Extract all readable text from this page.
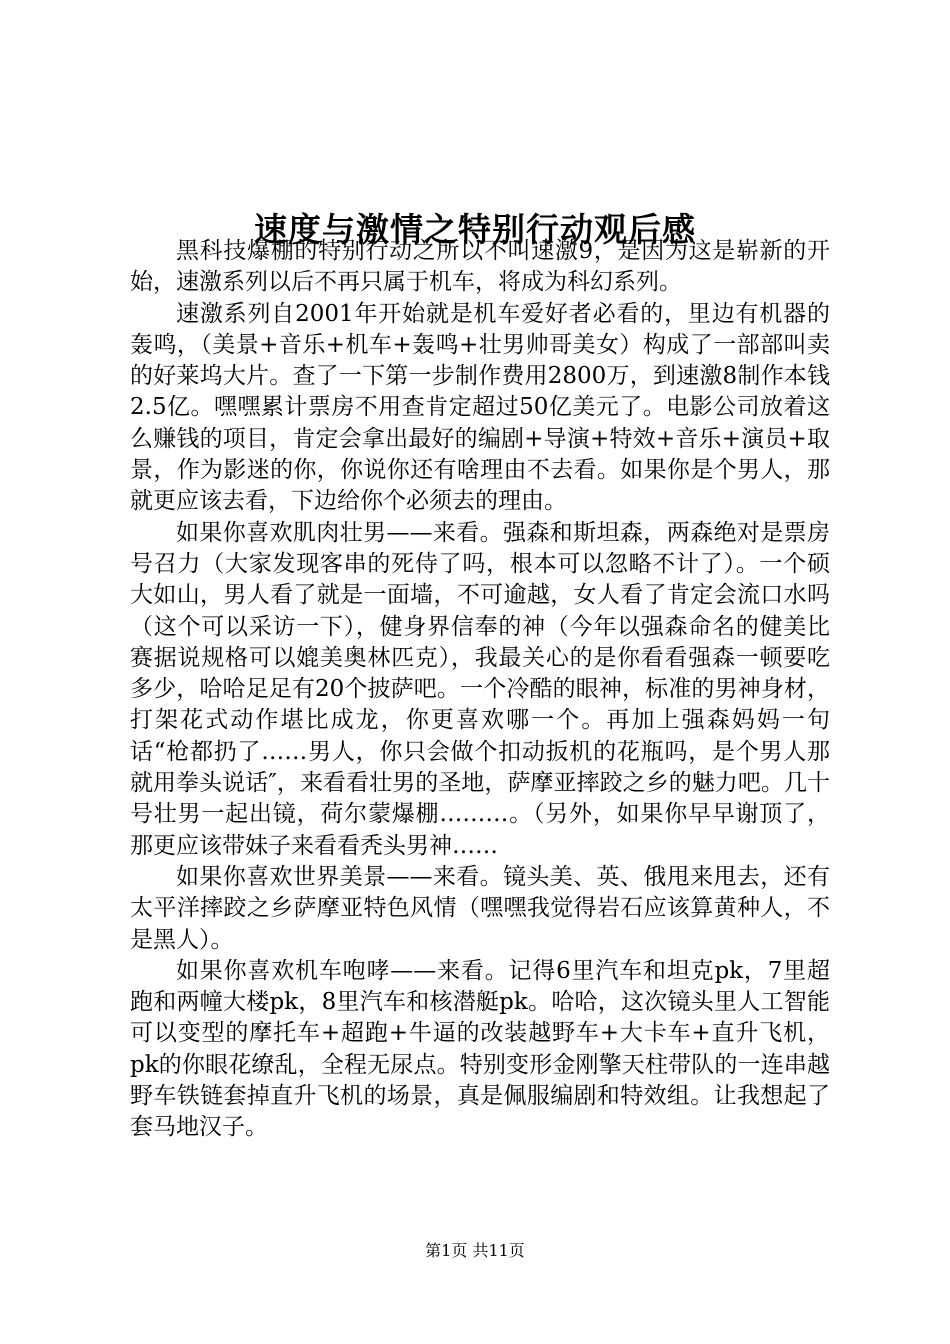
速度与激情之特别行动观后感

黑科技爆棚的特别行动之所以不叫速激9，是因为这是崭新的开始，速激系列以后不再只属于机车，将成为科幻系列。

速激系列自2001年开始就是机车爱好者必看的，里边有机器的轰鸣，（美景+音乐+机车+轰鸣+壮男帅哥美女）构成了一部部叫卖的好莱坞大片。查了一下第一步制作费用2800万，到速激8制作本钱2.5亿。嘿嘿累计票房不用查肯定超过50亿美元了。电影公司放着这么赚钱的项目，肯定会拿出最好的编剧+导演+特效+音乐+演员+取景，作为影迷的你，你说你还有啥理由不去看。如果你是个男人，那就更应该去看，下边给你个必须去的理由。

如果你喜欢肌肉壮男——来看。强森和斯坦森，两森绝对是票房号召力（大家发现客串的死侍了吗，根本可以忽略不计了）。一个硕大如山，男人看了就是一面墙，不可逾越，女人看了肯定会流口水吗（这个可以采访一下），健身界信奉的神（今年以强森命名的健美比赛据说规格可以媲美奥林匹克），我最关心的是你看看强森一顿要吃多少，哈哈足足有20个披萨吧。一个冷酷的眼神，标准的男神身材，打架花式动作堪比成龙，你更喜欢哪一个。再加上强森妈妈一句话“枪都扔了……男人，你只会做个扣动扳机的花瓶吗，是个男人那就用拳头说话″，来看看壮男的圣地，萨摩亚摔跤之乡的魅力吧。几十号壮男一起出镜，荷尔蒙爆棚………。（另外，如果你早早谢顶了，那更应该带妹子来看看秃头男神……

如果你喜欢世界美景——来看。镜头美、英、俄甩来甩去，还有太平洋摔跤之乡萨摩亚特色风情（嘿嘿我觉得岩石应该算黄种人，不是黑人）。

如果你喜欢机车咆哮——来看。记得6里汽车和坦克pk，7里超跑和两幢大楼pk，8里汽车和核潜艇pk。哈哈，这次镜头里人工智能可以变型的摩托车+超跑+牛逼的改装越野车+大卡车+直升飞机，pk的你眼花缭乱，全程无尿点。特别变形金刚擎天柱带队的一连串越野车铁链套掉直升飞机的场景，真是佩服编剧和特效组。让我想起了套马地汉子。

第1页 共11页
